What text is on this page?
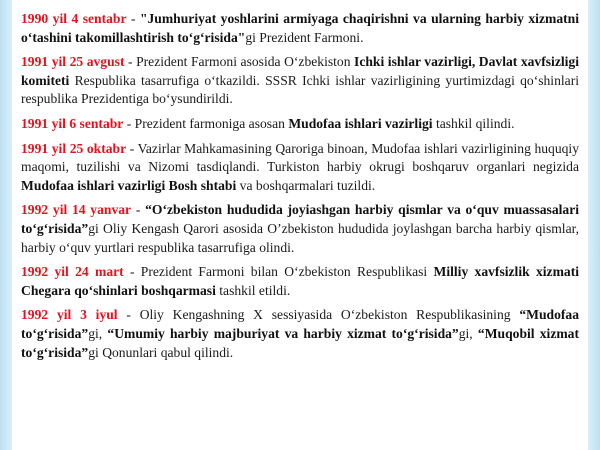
1990 yil 4 sentabr - "Jumhuriyat yoshlarini armiyaga chaqirishni va ularning harbiy xizmatni oʻtashini takomillashtirish toʻgʻrisida"gi Prezident Farmoni.

1991 yil 25 avgust - Prezident Farmoni asosida Oʻzbekiston Ichki ishlar vazirligi, Davlat xavfsizligi komiteti Respublika tasarrufiga oʻtkazildi. SSSR Ichki ishlar vazirligining yurtimizdagi qoʻshinlari respublika Prezidentiga boʻysundirildi.

1991 yil 6 sentabr - Prezident farmoniga asosan Mudofaa ishlari vazirligi tashkil qilindi.

1991 yil 25 oktabr - Vazirlar Mahkamasining Qaroriga binoan, Mudofaa ishlari vazirligining huquqiy maqomi, tuzilishi va Nizomi tasdiqlandi. Turkiston harbiy okrugi boshqaruv organlari negizida Mudofaa ishlari vazirligi Bosh shtabi va boshqarmalari tuzildi.

1992 yil 14 yanvar - “Oʻzbekiston hududida joyiashgan harbiy qismlar va oʻquv muassasalari toʻgʻrisida”gi Oliy Kengash Qarori asosida O’zbekiston hududida joylashgan barcha harbiy qismlar, harbiy oʻquv yurtlari respublika tasarrufiga olindi.

1992 yil 24 mart - Prezident Farmoni bilan Oʻzbekiston Respublikasi Milliy xavfsizlik xizmati Chegara qoʻshinlari boshqarmasi tashkil etildi.

1992 yil 3 iyul - Oliy Kengashning X sessiyasida Oʻzbekiston Respublikasining “Mudofaa toʻgʻrisida”gi, “Umumiy harbiy majburiyat va harbiy xizmat toʻgʻrisida”gi, “Muqobil xizmat toʻgʻrisida”gi Qonunlari qabul qilindi.
